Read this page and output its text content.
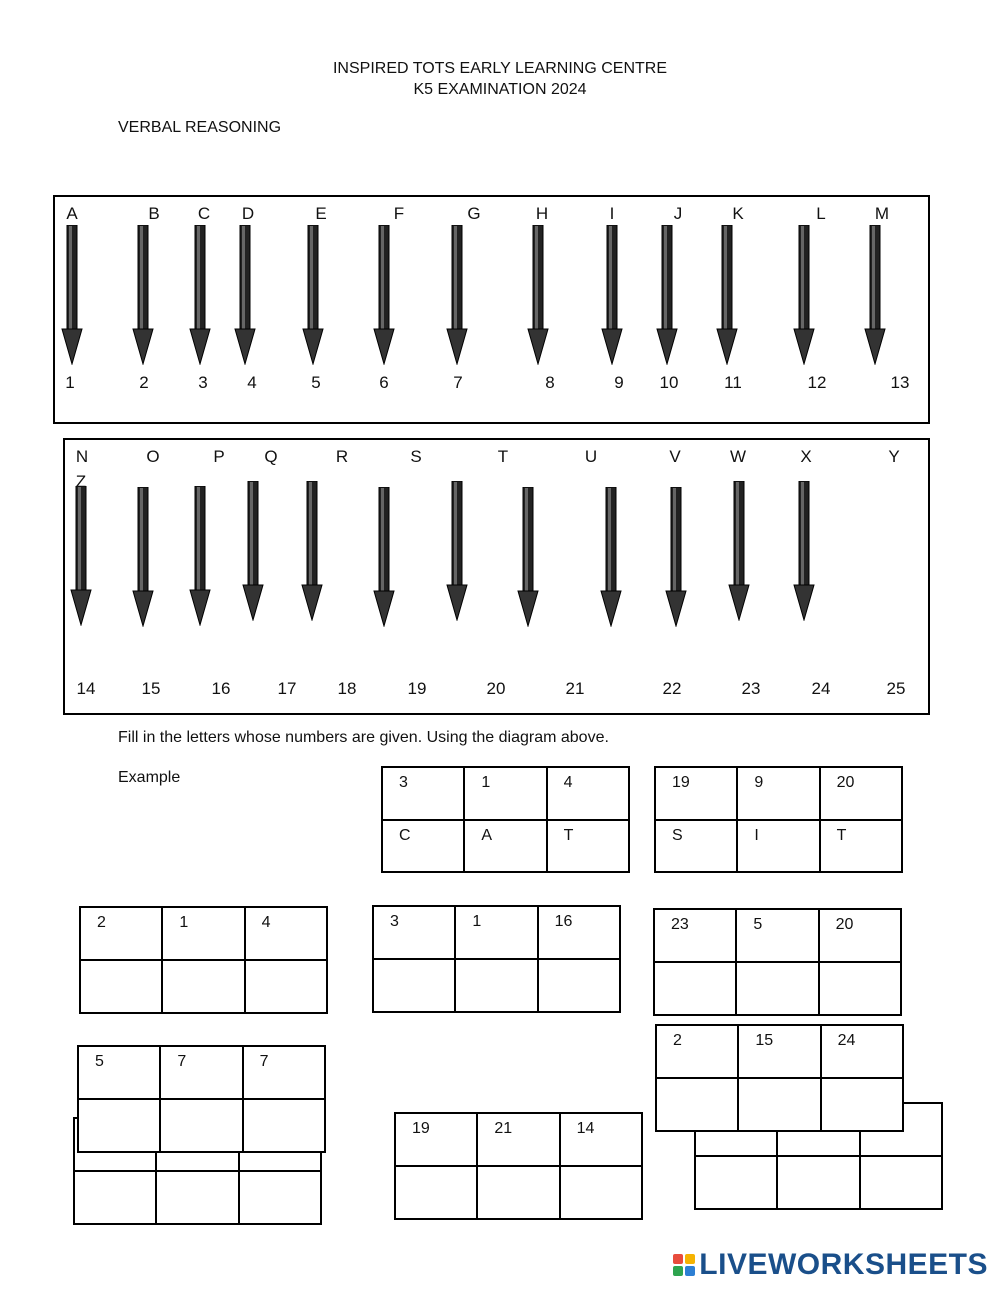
INSPIRED TOTS EARLY LEARNING CENTRE
K5 EXAMINATION 2024
VERBAL REASONING
A
1
B
2
C
3
D
4
E
5
F
6
G
7
H
8
I
9
J
10
K
11
L
12
M
13
N
14
O
15
P
16
Q
17
R
18
S
19
T
20
U
21
V
22
W
23
X
24
Y
25
Z
Fill in the letters whose numbers are given. Using the diagram above.
Example	3	1	4
C	A	T
19	9	20
S	I	T

2	1	4
			3	1	16
			23	5	20

5	7	7

19	21	14

2	15	24

LIVEWORKSHEETS
